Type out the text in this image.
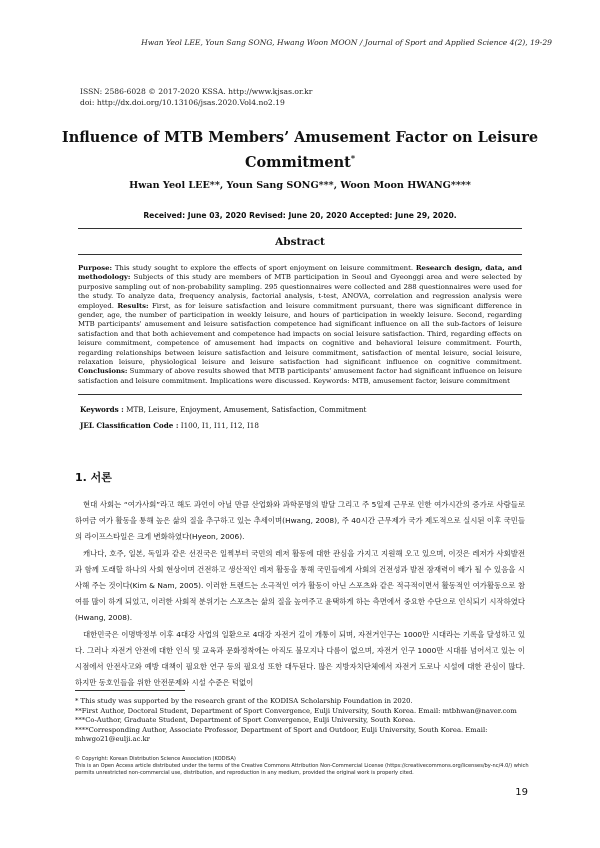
Hwan Yeol LEE, Youn Sang SONG, Hwang Woon MOON / Journal of Sport and Applied Science 4(2), 19-29
ISSN: 2586-6028 © 2017-2020 KSSA. http://www.kjsas.or.kr
doi: http://dx.doi.org/10.13106/jsas.2020.Vol4.no2.19
Influence of MTB Members’ Amusement Factor on Leisure Commitment*
Hwan Yeol LEE**, Youn Sang SONG***, Woon Moon HWANG****
Received: June 03, 2020 Revised: June 20, 2020 Accepted: June 29, 2020.
Abstract
Purpose: This study sought to explore the effects of sport enjoyment on leisure commitment. Research design, data, and methodology: Subjects of this study are members of MTB participation in Seoul and Gyeonggi area and were selected by purposive sampling out of non-probability sampling. 295 questionnaires were collected and 288 questionnaires were used for the study. To analyze data, frequency analysis, factorial analysis, t-test, ANOVA, correlation and regression analysis were employed. Results: First, as for leisure satisfaction and leisure commitment pursuant, there was significant difference in gender, age, the number of participation in weekly leisure, and hours of participation in weekly leisure. Second, regarding MTB participants' amusement and leisure satisfaction competence had significant influence on all the sub-factors of leisure satisfaction and that both achievement and competence had impacts on social leisure satisfaction. Third, regarding effects on leisure commitment, competence of amusement had impacts on cognitive and behavioral leisure commitment. Fourth, regarding relationships between leisure satisfaction and leisure commitment, satisfaction of mental leisure, social leisure, relaxation leisure, physiological leisure and leisure satisfaction had significant influence on cognitive commitment. Conclusions: Summary of above results showed that MTB participants' amusement factor had significant influence on leisure satisfaction and leisure commitment. Implications were discussed. Keywords: MTB, amusement factor, leisure commitment
Keywords : MTB, Leisure, Enjoyment, Amusement, Satisfaction, Commitment
JEL Classification Code : I100, I1, I11, I12, I18
1. 서론

현대 사회는 “여가사회”라고 해도 과언이 아닐 만큼 산업화와 과학문명의 발달 그리고 주 5일제 근무로 인한 여가시간의 증가로 사람들로 하여금 여가 활동을 통해 높은 삶의 질을 추구하고 있는 추세이며(Hwang, 2008), 주 40시간 근무제가 국가 제도적으로 실시된 이후 국민들의 라이프스타일은 크게 변화하였다(Hyeon, 2006).

캐나다, 호주, 일본, 독일과 같은 선진국은 일찍부터 국민의 레저 활동에 대한 관심을 가지고 지원해 오고 있으며, 이것은 레저가 사회발전과 함께 도래할 하나의 사회 현상이며 건전하고 생산적인 레저 활동을 통해 국민들에게 사회의 건전성과 발전 잠재력이 배가 될 수 있음을 시사해 주는 것이다(Kim & Nam, 2005). 이러한 트렌드는 소극적인 여가 활동이 아닌 스포츠와 같은 적극적이면서 활동적인 여가활동으로 참여를 많이 하게 되었고, 이러한 사회적 분위기는 스포츠는 삶의 질을 높여주고 윤택하게 하는 측면에서 중요한 수단으로 인식되기 시작하였다(Hwang, 2008).

대한민국은 이명박정부 이후 4대강 사업의 일환으로 4대강 자전거 길이 개통이 되며, 자전거인구는 1000만 시대라는 기록을 달성하고 있다. 그러나 자전거 안전에 대한 인식 및 교육과 문화정착에는 아직도 불모지나 다름이 없으며, 자전거 인구 1000만 시대를 넘어서고 있는 이 시점에서 안전사고와 예방 대책이 필요한 연구 등의 필요성 또한 대두된다. 많은 지방자치단체에서 자전거 도로나 시설에 대한 관심이 많다. 하지만 동호인들을 위한 안전문제와 시설 수준은 턱없이

* This study was supported by the research grant of the KODISA Scholarship Foundation in 2020.

**First Author, Doctoral Student, Department of Sport Convergence, Eulji University, South Korea. Email: mtbhwan@naver.com

***Co-Author, Graduate Student, Department of Sport Convergence, Eulji University, South Korea.

****Corresponding Author, Associate Professor, Department of Sport and Outdoor, Eulji University, South Korea. Email: mhwgo21@eulji.ac.kr

© Copyright: Korean Distribution Science Association (KODISA)

This is an Open Access article distributed under the terms of the Creative Commons Attribution Non-Commercial License (https://creativecommons.org/licenses/by-nc/4.0/) which permits unrestricted non-commercial use, distribution, and reproduction in any medium, provided the original work is properly cited.

19
